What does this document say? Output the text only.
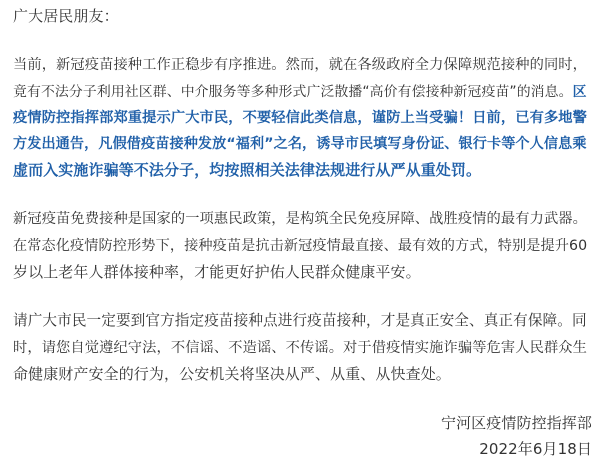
广大居民朋友：
当前，新冠疫苗接种工作正稳步有序推进。然而，就在各级政府全力保障规范接种的同时，
竟有不法分子利用社区群、中介服务等多种形式广泛散播“高价有偿接种新冠疫苗”的消息。区
疫情防控指挥部郑重提示广大市民，不要轻信此类信息，谨防上当受骗！日前，已有多地警
方发出通告，凡假借疫苗接种发放“福利”之名，诱导市民填写身份证、银行卡等个人信息乘
虚而入实施诈骗等不法分子，均按照相关法律法规进行从严从重处罚。
新冠疫苗免费接种是国家的一项惠民政策，是构筑全民免疫屏障、战胜疫情的最有力武器。
在常态化疫情防控形势下，接种疫苗是抗击新冠疫情最直接、最有效的方式，特别是提升60
岁以上老年人群体接种率，才能更好护佑人民群众健康平安。
请广大市民一定要到官方指定疫苗接种点进行疫苗接种，才是真正安全、真正有保障。同
时，请您自觉遵纪守法，不信谣、不造谣、不传谣。对于借疫情实施诈骗等危害人民群众生
命健康财产安全的行为，公安机关将坚决从严、从重、从快查处。
宁河区疫情防控指挥部
2022年6月18日
